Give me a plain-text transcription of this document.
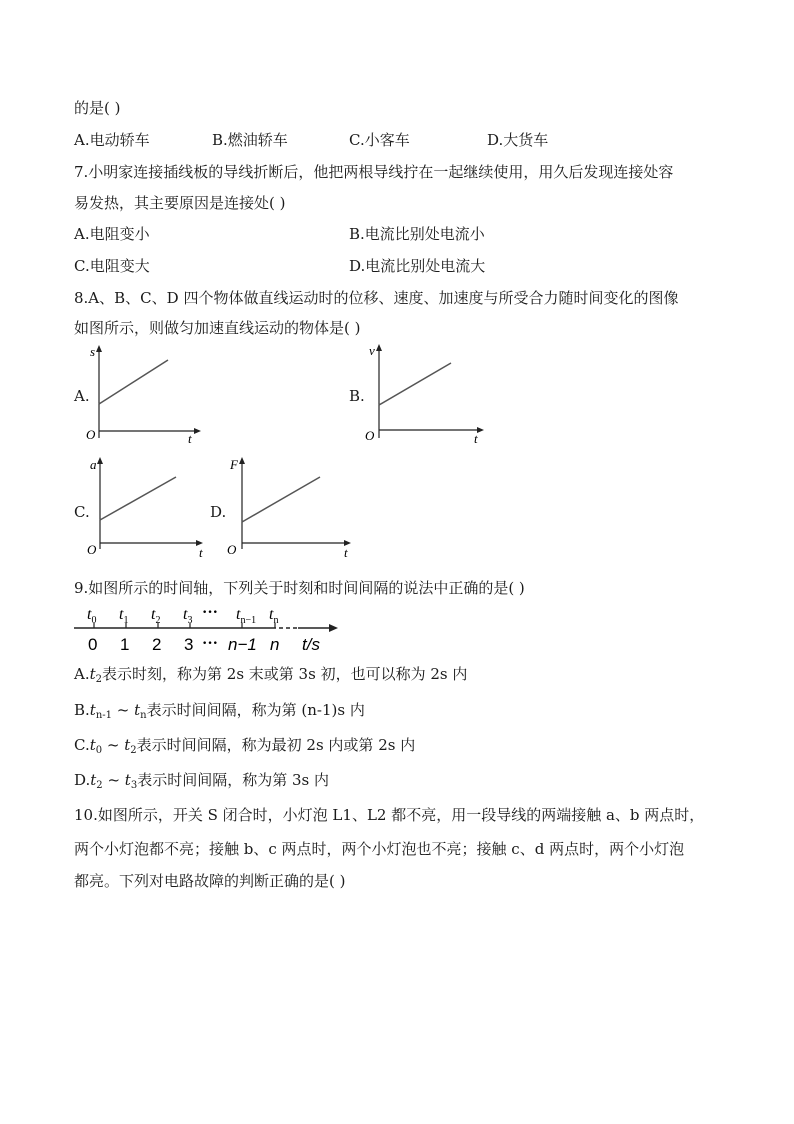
的是( )
A.电动轿车	B.燃油轿车	C.小客车	D.大货车
7.小明家连接插线板的导线折断后，他把两根导线拧在一起继续使用，用久后发现连接处容
易发热，其主要原因是连接处( )
A.电阻变小	B.电流比别处电流小
C.电阻变大	D.电流比别处电流大
8.A、B、C、D 四个物体做直线运动时的位移、速度、加速度与所受合力随时间变化的图像
如图所示，则做匀加速直线运动的物体是( )
A.
s
t
O
B.
v
t
O
C.
a
t
O
D.
F
t
O
9.如图所示的时间轴，下列关于时刻和时间间隔的说法中正确的是( )
$t_0$ $t_1$ $t_2$ $t_3$ ··· $t_{n-1}$ $t_n$
0 1 2 3 ··· n−1 n t/s
$A.t_2$表示时刻，称为第 2s 末或第 3s 初，也可以称为 2s 内
$B.t_{n-1}$ ~ $t_n$表示时间间隔，称为第 (n-1)s 内
$C.t_0$ ~ $t_2$表示时间间隔，称为最初 2s 内或第 2s 内
$D.t_2$ ~ $t_3$表示时间间隔，称为第 3s 内
10.如图所示，开关 S 闭合时，小灯泡 L1、L2 都不亮，用一段导线的两端接触 a、b 两点时，
两个小灯泡都不亮；接触 b、c 两点时，两个小灯泡也不亮；接触 c、d 两点时，两个小灯泡
都亮。下列对电路故障的判断正确的是( )
